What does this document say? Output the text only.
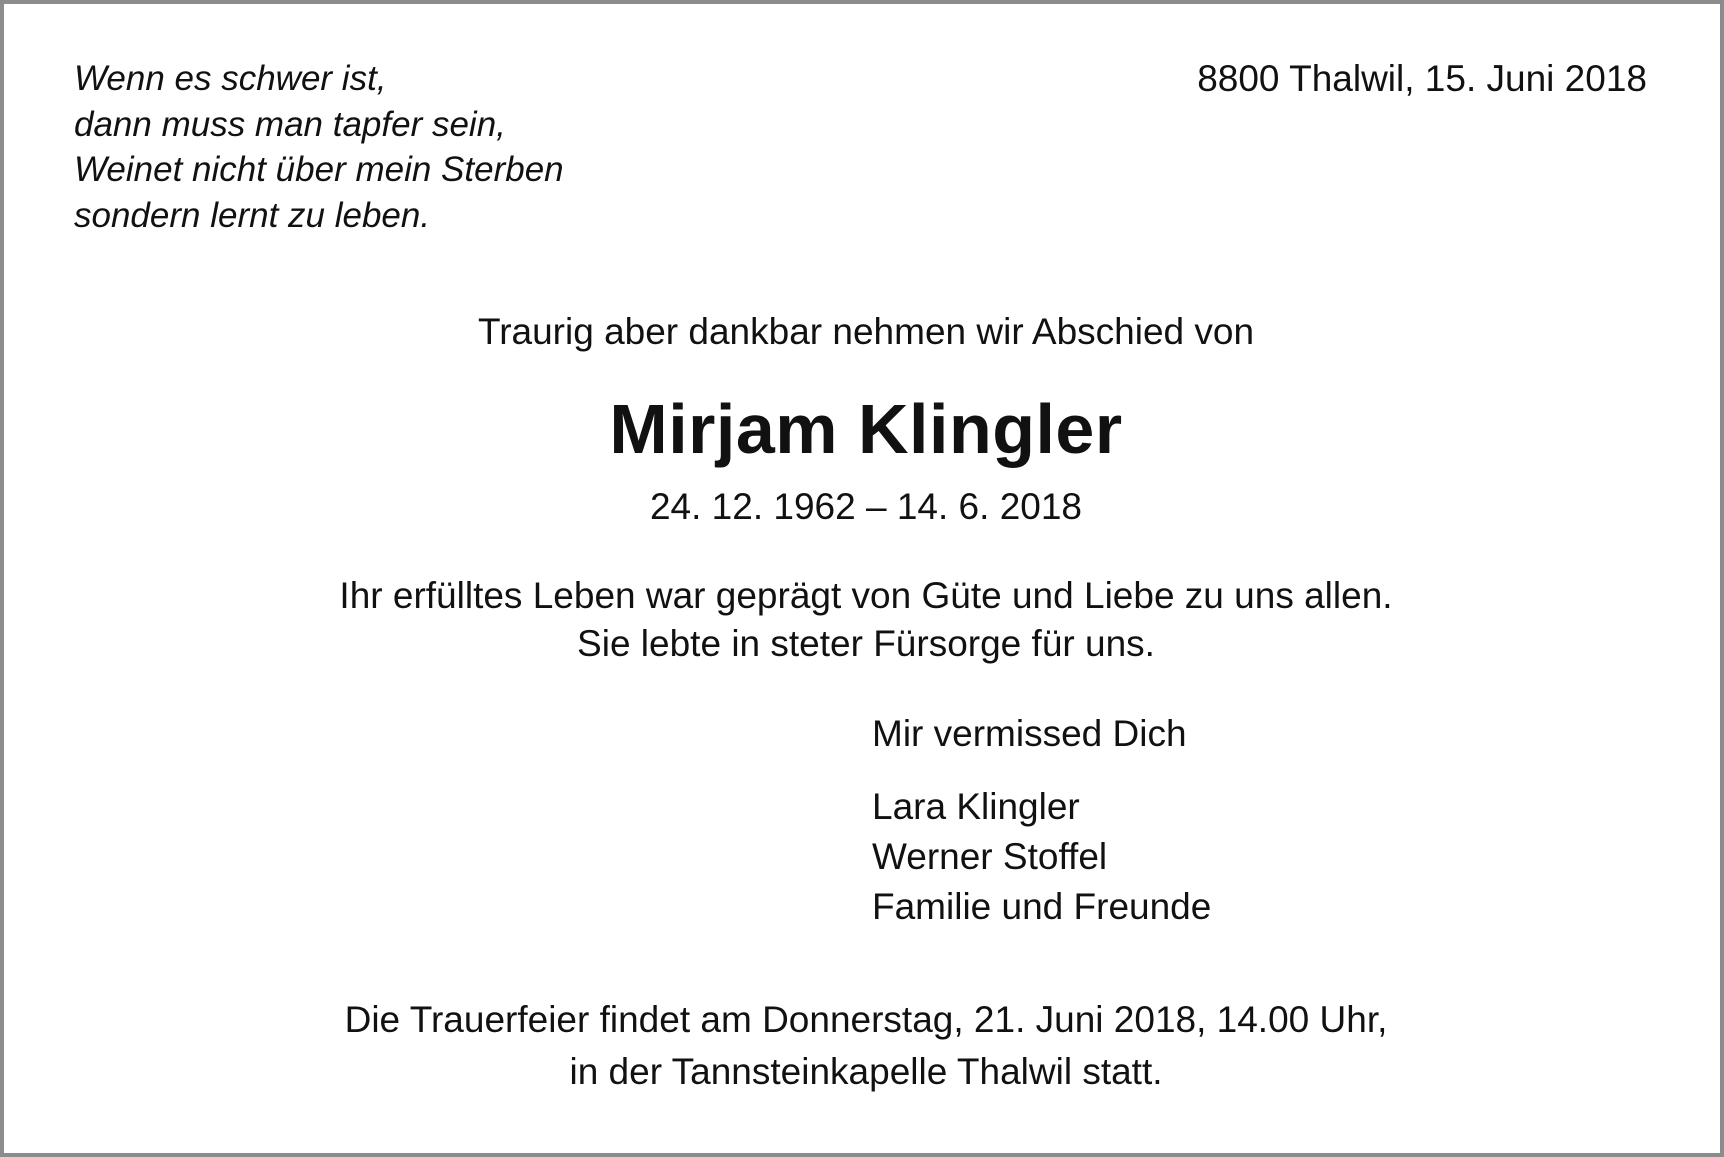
Wenn es schwer ist,
dann muss man tapfer sein,
Weinet nicht über mein Sterben
sondern lernt zu leben.
8800 Thalwil, 15. Juni 2018
Traurig aber dankbar nehmen wir Abschied von
Mirjam Klingler
24. 12. 1962 – 14. 6. 2018
Ihr erfülltes Leben war geprägt von Güte und Liebe zu uns allen.
Sie lebte in steter Fürsorge für uns.
Mir vermissed Dich
Lara Klingler
Werner Stoffel
Familie und Freunde
Die Trauerfeier findet am Donnerstag, 21. Juni 2018, 14.00 Uhr,
in der Tannsteinkapelle Thalwil statt.
